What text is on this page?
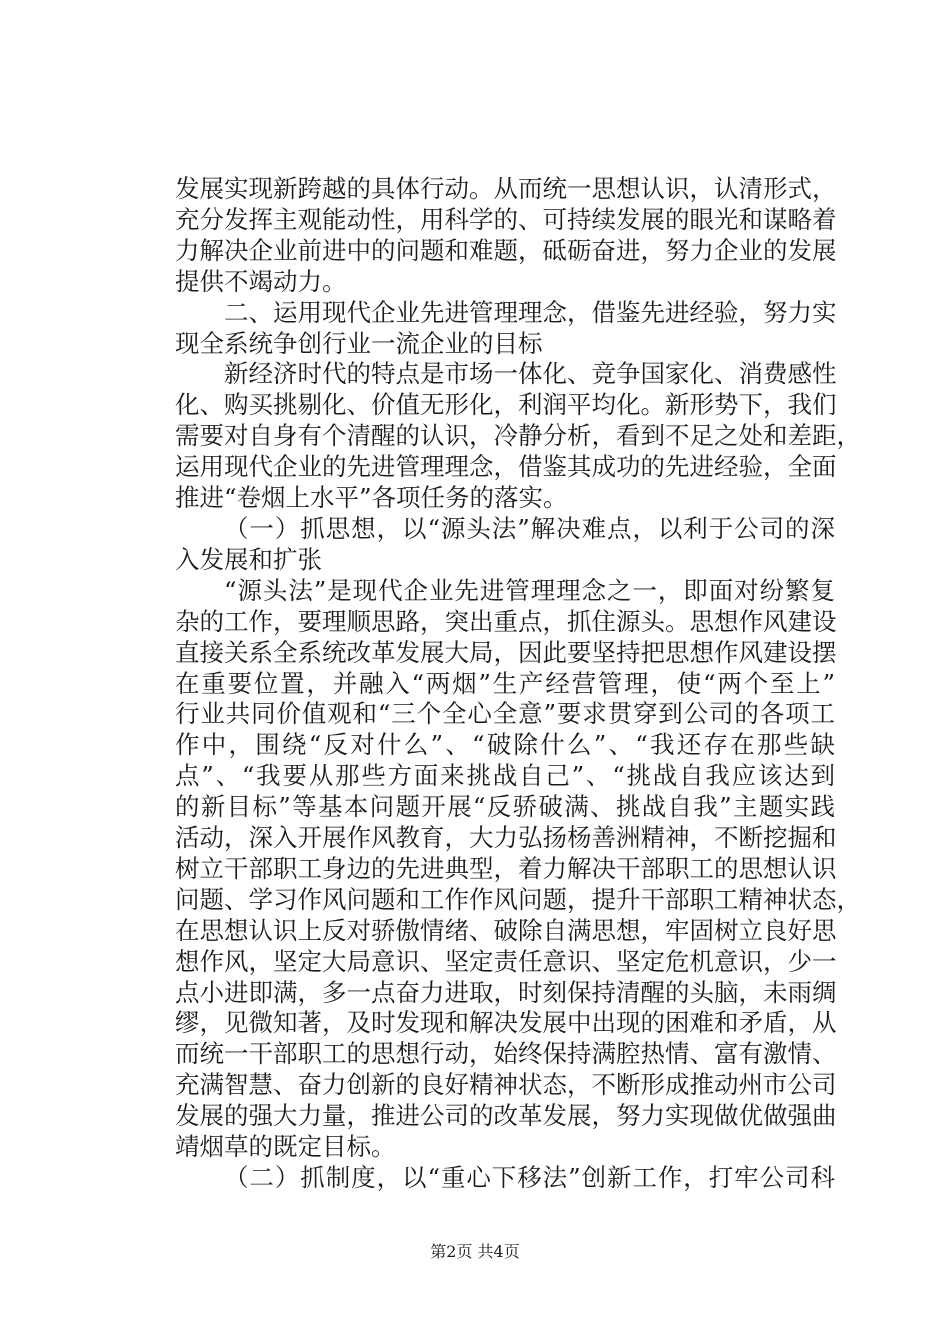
发展实现新跨越的具体行动。从而统一思想认识，认清形式，
充分发挥主观能动性，用科学的、可持续发展的眼光和谋略着
力解决企业前进中的问题和难题，砥砺奋进，努力企业的发展
提供不竭动力。
二、运用现代企业先进管理理念，借鉴先进经验，努力实
现全系统争创行业一流企业的目标
新经济时代的特点是市场一体化、竞争国家化、消费感性
化、购买挑剔化、价值无形化，利润平均化。新形势下，我们
需要对自身有个清醒的认识，冷静分析，看到不足之处和差距，
运用现代企业的先进管理理念，借鉴其成功的先进经验，全面
推进“卷烟上水平”各项任务的落实。
（一）抓思想，以“源头法”解决难点，以利于公司的深
入发展和扩张
“源头法”是现代企业先进管理理念之一，即面对纷繁复
杂的工作，要理顺思路，突出重点，抓住源头。思想作风建设
直接关系全系统改革发展大局，因此要坚持把思想作风建设摆
在重要位置，并融入“两烟”生产经营管理，使“两个至上”
行业共同价值观和“三个全心全意”要求贯穿到公司的各项工
作中，围绕“反对什么”、“破除什么”、“我还存在那些缺
点”、“我要从那些方面来挑战自己”、“挑战自我应该达到
的新目标”等基本问题开展“反骄破满、挑战自我”主题实践
活动，深入开展作风教育，大力弘扬杨善洲精神，不断挖掘和
树立干部职工身边的先进典型，着力解决干部职工的思想认识
问题、学习作风问题和工作作风问题，提升干部职工精神状态，
在思想认识上反对骄傲情绪、破除自满思想，牢固树立良好思
想作风，坚定大局意识、坚定责任意识、坚定危机意识，少一
点小进即满，多一点奋力进取，时刻保持清醒的头脑，未雨绸
缪，见微知著，及时发现和解决发展中出现的困难和矛盾，从
而统一干部职工的思想行动，始终保持满腔热情、富有激情、
充满智慧、奋力创新的良好精神状态，不断形成推动州市公司
发展的强大力量，推进公司的改革发展，努力实现做优做强曲
靖烟草的既定目标。
（二）抓制度，以“重心下移法”创新工作，打牢公司科
第2页 共4页
